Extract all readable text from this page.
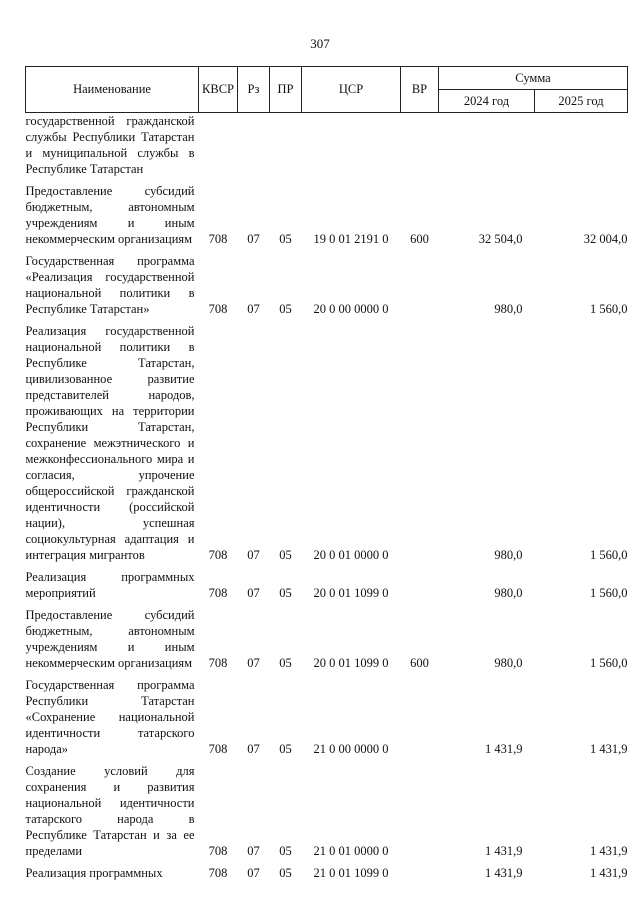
307
Наименование	КВСР	Рз	ПР	ЦСР	ВР	Сумма	
						2024 год	2025 год
государственной гражданской службы Республики Татарстан и муниципальной службы в Республике Татарстан							
Предоставление субсидий бюджетным, автономным учреждениям и иным некоммерческим организациям	708	07	05	19 0 01 2191 0	600	32 504,0	32 004,0
Государственная программа «Реализация государственной национальной политики в Республике Татарстан»	708	07	05	20 0 00 0000 0		980,0	1 560,0
Реализация государственной национальной политики в Республике Татарстан, цивилизованное развитие представителей народов, проживающих на территории Республики Татарстан, сохранение межэтнического и межконфессионального мира и согласия, упрочение общероссийской гражданской идентичности (российской нации), успешная социокультурная адаптация и интеграция мигрантов	708	07	05	20 0 01 0000 0		980,0	1 560,0
Реализация программных мероприятий	708	07	05	20 0 01 1099 0		980,0	1 560,0
Предоставление субсидий бюджетным, автономным учреждениям и иным некоммерческим организациям	708	07	05	20 0 01 1099 0	600	980,0	1 560,0
Государственная программа Республики Татарстан «Сохранение национальной идентичности татарского народа»	708	07	05	21 0 00 0000 0		1 431,9	1 431,9
Создание условий для сохранения и развития национальной идентичности татарского народа в Республике Татарстан и за ее пределами	708	07	05	21 0 01 0000 0		1 431,9	1 431,9
Реализация программных	708	07	05	21 0 01 1099 0		1 431,9	1 431,9
